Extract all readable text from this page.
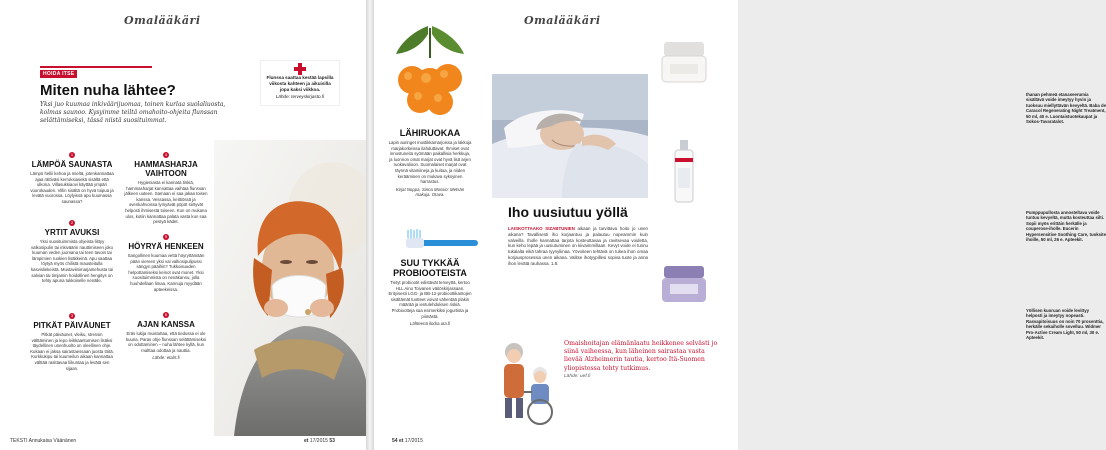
Omalääkäri
HOIDA ITSE
Miten nuha lähtee?
Yksi juo kuumaa inkiväärijuomaa, toinen kurlaa suolaliuosta, kolmas saunoo. Kysyimme teiltä omahoito-ohjeita flunssan selättämiseksi, tässä niistä suosituimmat.
Flunssa saattaa kestää lapsilla viikosta kahteen ja aikuisilla jopa kaksi viikkoa.
Lähde: terveyskirjasto.fi
1
LÄMPÖÄ SAUNASTA

Lämpö hellii kehoa ja mieltä, jotenkannattaa ajaa rättiväsi kerroksiasekä sisältä että ulkona. Villasukkiaovi käyttää ympäri vuorokauden. Villin sisältä on hyvä toipua ja levätä vuorossa. Löylyissä apu kuumassa saunassa?

2
YRTIT AVUKSI

Yksi suosituimmista ohjeista liittyy valkosipulin tai inkiväärin nauttimiseen joko kuuman veden juomana tai teen tavoin tai lämpimien ruokien lisäkkeinä. Apu saattaa löytyä myös chilistä mausteitulla kasvisliekeistä. Mustaviinimarjamehusta tai salvian tai timjamin hoidollinen hengitys on tehty apuna tukkoiselle nenälle.

3
PITKÄT PÄIVÄUNET

Pitkät päiväunet, vleiku, stressin välttäminen ja lepo leikkaantumisen lisäksi täydellinen unenhuolto on oleellinen ohje. Kukaan ei jaksa sairastaessaan juosta töitä. Kurkkukipu tai kuumeilun aikaan kannattaa välttää rasittavaa liikuntaa ja levätä sen sijaan.

4
HAMMASHARJA VAIHTOON

Hygieniasta ei kannata tinkiä, hammasharjat kannattaa vaihtaa flunssan jälkeen uuteen. Samaan ei saa jakaa toisen kanssa. Vessassa, keittiössä ja ovenkahvoissa lymyävät pöpöt siirtyvät helposti ihmisestä toiseen. Kun on mukana ulos, kotiin kannattaa palata vasta kun saa pestyä kädet.

5
HÖYRYÄ HENKEEN

Sangollinen kuumaa vettä höyryttämään pään viereen yksi vai valkosipulipussi sängyn pääihin? Tukkoisuuden helpottamiseksi keinot ovat monet. Yksi suosituimmista on nenäkannu, jolla huuhdellaan limaa. Kannuja myydään apteekeissa.

6
AJAN KANSSA

Eräs lukija muistuttaa, että tiedussa ei ole kuuria. Paras ohje flunssan selättämiseksi on odottaminen – nuha lähtee kyllä, kun malttaa odottaa ja nauttia.

Lähde: etalrt.fi

TEKSTI Annukaisa Väänänen	et 17/2015 53
Omalääkäri
LÄHIRUOKAA

Lapin auringet mustikkamarjoissa ja lakkoja marjakorkeissa ilahduttavat. Ihmiset ovat innostuneita syömään paikallisia herkkuja, ja luonnon omat marjat ovat hyvä lisä arjen ruokavalioon. Suomalaiset marjat ovat täynnä vitamiineja ja kuitua, ja niiden kerääminen on mukava syksyinen harrastus.

Kirjat Noppa, Sinna Mossio: Metsän makuja. Otava.

SUU TYKKÄÄ PROBIOOTEISTA

Tietyt probiootit edistävät terveyttä, kertoo HLL Aino Toivanen väitöskirjassaan. Erityisesti LGG- ja BB-12-probioottikantojen sisältämät tuotteet voivat vähentää plakin määrää ja ientulehduksen riskiä. Probiootteja saa esimerkiksi jogurtista ja piimästä.

Lähteenä ilodra.uta.fi

Ihanan pehmeä etanaseerumia sisältävä voide imeytyy hyvin ja tuoksuu miellyttävän kevyeltä. Baba de Caracol Regenerating Night Treatment, 50 ml, 40 e. Luontaistuotekaupat ja Sokos-Tavaratalot.
Pumppupullosta annosteltava voide tuntuu kevyeltä, mutta kosteuttaa silti. Sopii myös erittäin herkälle ja couperose-iholle. Eucerin Hypersensitive Soothing Care, tuoksite ihoille, 50 ml, 26 e. Apteekit.
Yöllisen kuoruan voide levittyy helposti ja imeytyy nopeasti. Rasvapitoisuus on noin 70 prosenttia, herkälle sekaiholle sovelluu. Widmer Pro-Active Cream Light, 50 ml, 30 e. Apteekit.
Iho uusiutuu yöllä
LAISKOTTAAKO SIZABTUNIEN aikaan ja tarvittava hoito jo unen aikana? Tavallisesti iho korjaantuu ja palautuu nopeammin kuin valveilla. Iholle kannattaa tarjota kosteuttavaa ja ravitsevaa voidetta, kun keho lepää ja uusiutuminen on kiivaimmillaan. Kevyt voide ei tunnu tukalalta eikä tahraa tyynyliinaa. Yövoiteen tehtävä on tukea ihon omaa korjausprosessia unen aikana. Valitse ihotyypillesi sopiva tuote ja anna ihon levätä rauhassa. 1.8.
Omaishoitajan elämänlaatu heikkenee selvästi jo siinä vaiheessa, kun läheinen sairastaa vasta lievää Alzheimerin tautia, kertoo Itä-Suomen yliopistossa tehty tutkimus.
Lähde: uef.fi
54 et 17/2015
